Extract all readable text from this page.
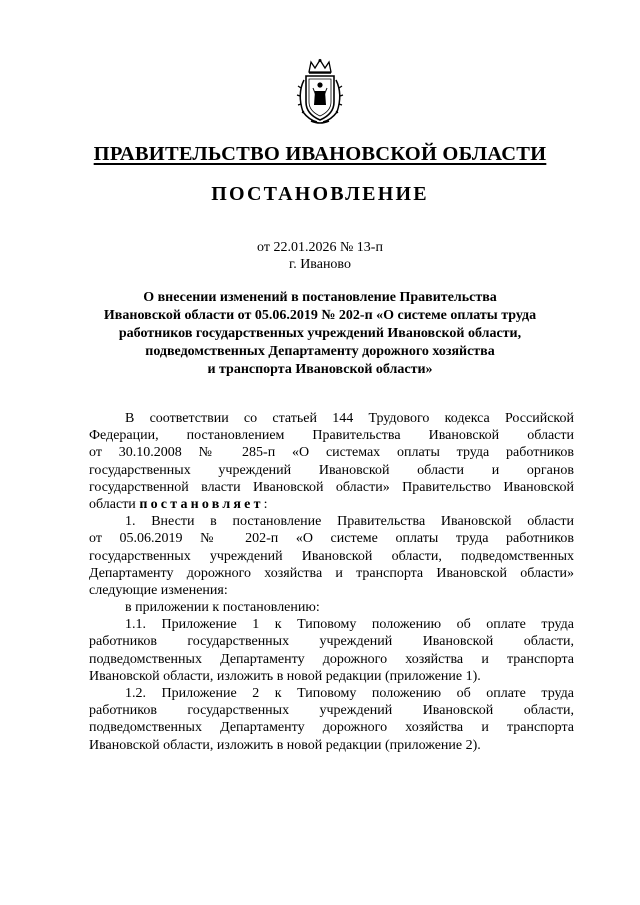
ПРАВИТЕЛЬСТВО ИВАНОВСКОЙ ОБЛАСТИ
ПОСТАНОВЛЕНИЕ
от 22.01.2026 № 13-п
г. Иваново
О внесении изменений в постановление Правительства
Ивановской области от 05.06.2019 № 202-п «О системе оплаты труда
работников государственных учреждений Ивановской области,
подведомственных Департаменту дорожного хозяйства
и транспорта Ивановской области»
В соответствии со статьей 144 Трудового кодекса Российской
Федерации, постановлением Правительства Ивановской области
от 30.10.2008 № 285-п «О системах оплаты труда работников
государственных учреждений Ивановской области и органов
государственной власти Ивановской области» Правительство Ивановской
области постановляет:
1. Внести в постановление Правительства Ивановской области
от 05.06.2019 № 202-п «О системе оплаты труда работников
государственных учреждений Ивановской области, подведомственных
Департаменту дорожного хозяйства и транспорта Ивановской области»
следующие изменения:
в приложении к постановлению:
1.1. Приложение 1 к Типовому положению об оплате труда
работников государственных учреждений Ивановской области,
подведомственных Департаменту дорожного хозяйства и транспорта
Ивановской области, изложить в новой редакции (приложение 1).
1.2. Приложение 2 к Типовому положению об оплате труда
работников государственных учреждений Ивановской области,
подведомственных Департаменту дорожного хозяйства и транспорта
Ивановской области, изложить в новой редакции (приложение 2).
